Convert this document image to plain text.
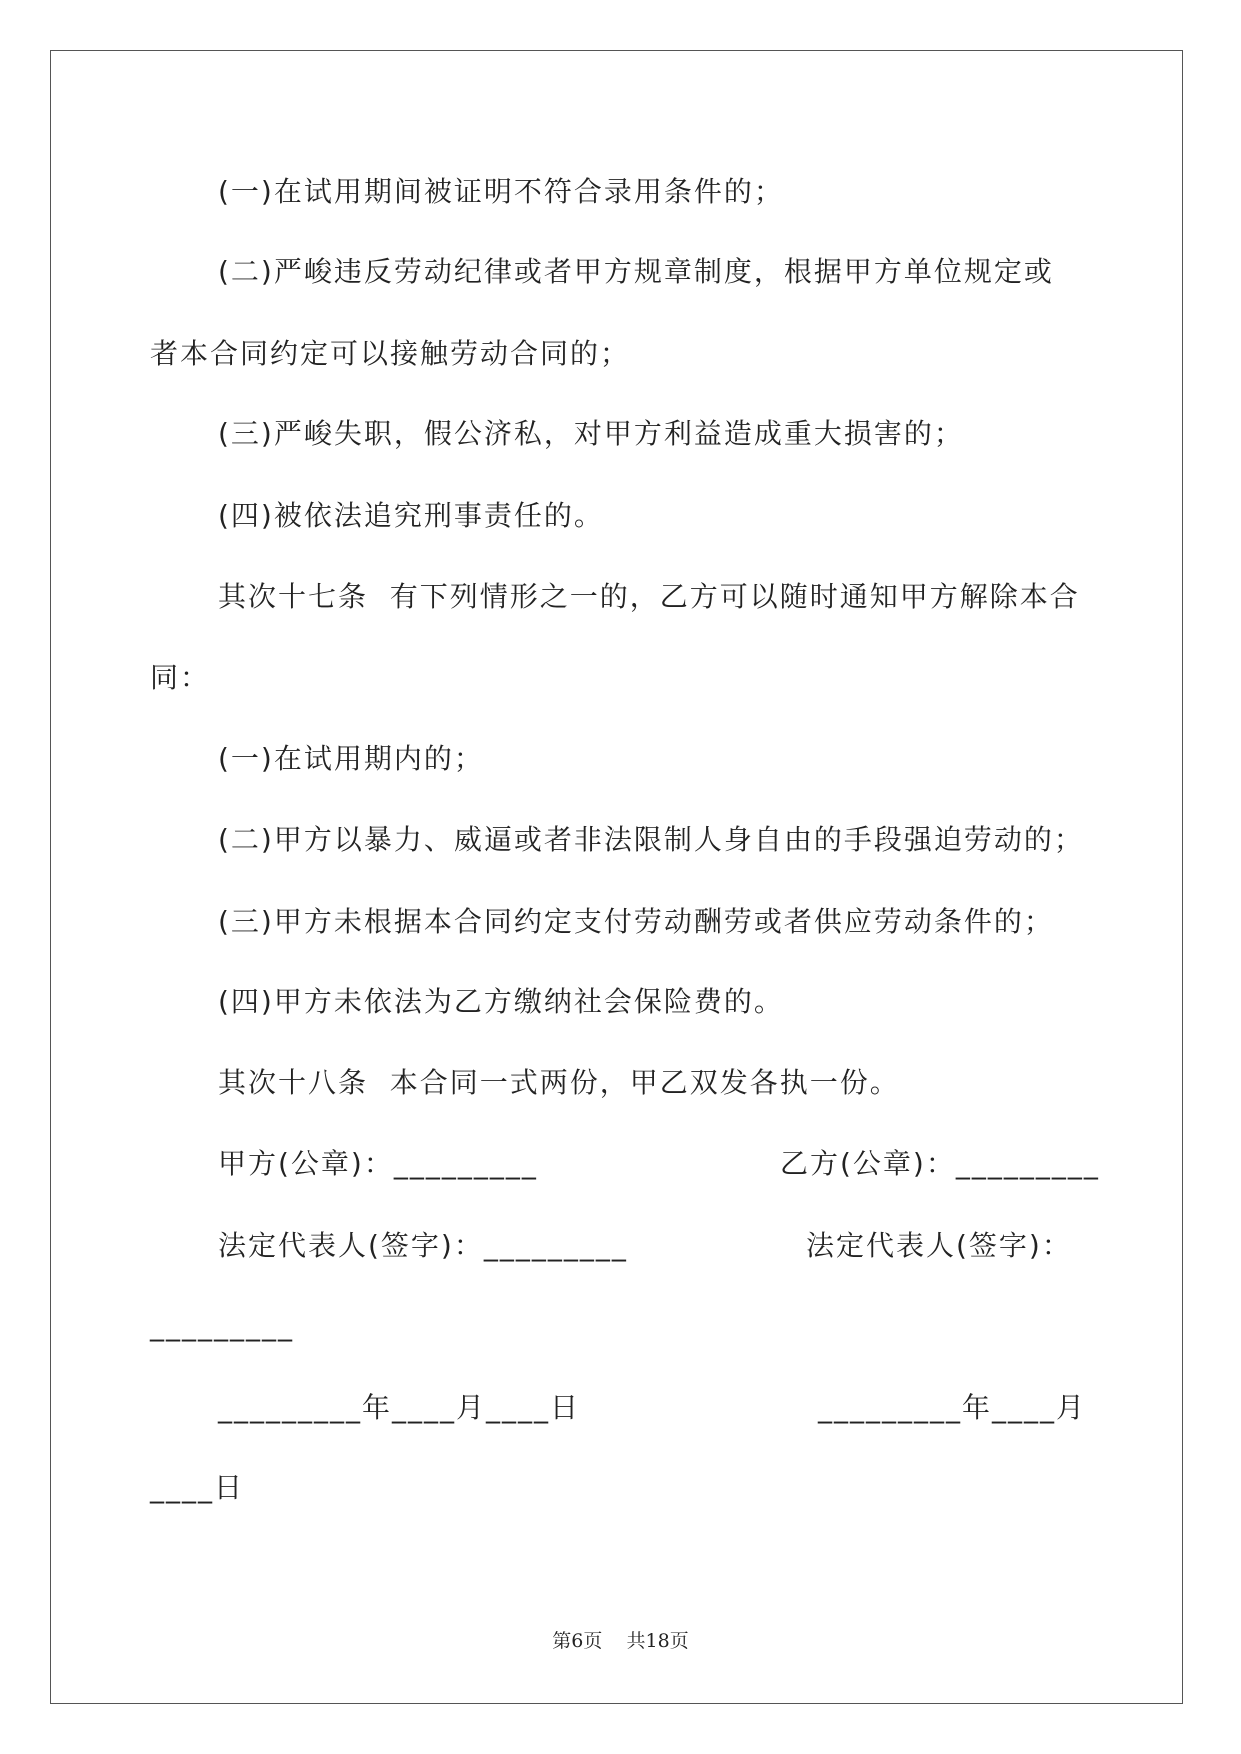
(一)在试用期间被证明不符合录用条件的；
(二)严峻违反劳动纪律或者甲方规章制度，根据甲方单位规定或
者本合同约定可以接触劳动合同的；
(三)严峻失职，假公济私，对甲方利益造成重大损害的；
(四)被依法追究刑事责任的。
其次十七条  有下列情形之一的，乙方可以随时通知甲方解除本合
同：
(一)在试用期内的；
(二)甲方以暴力、威逼或者非法限制人身自由的手段强迫劳动的；
(三)甲方未根据本合同约定支付劳动酬劳或者供应劳动条件的；
(四)甲方未依法为乙方缴纳社会保险费的。
其次十八条  本合同一式两份，甲乙双发各执一份。
甲方(公章)：_________	乙方(公章)：_________
法定代表人(签字)：_________	法定代表人(签字)：
_________
_________年____月____日	_________年____月
____日
第6页    共18页
